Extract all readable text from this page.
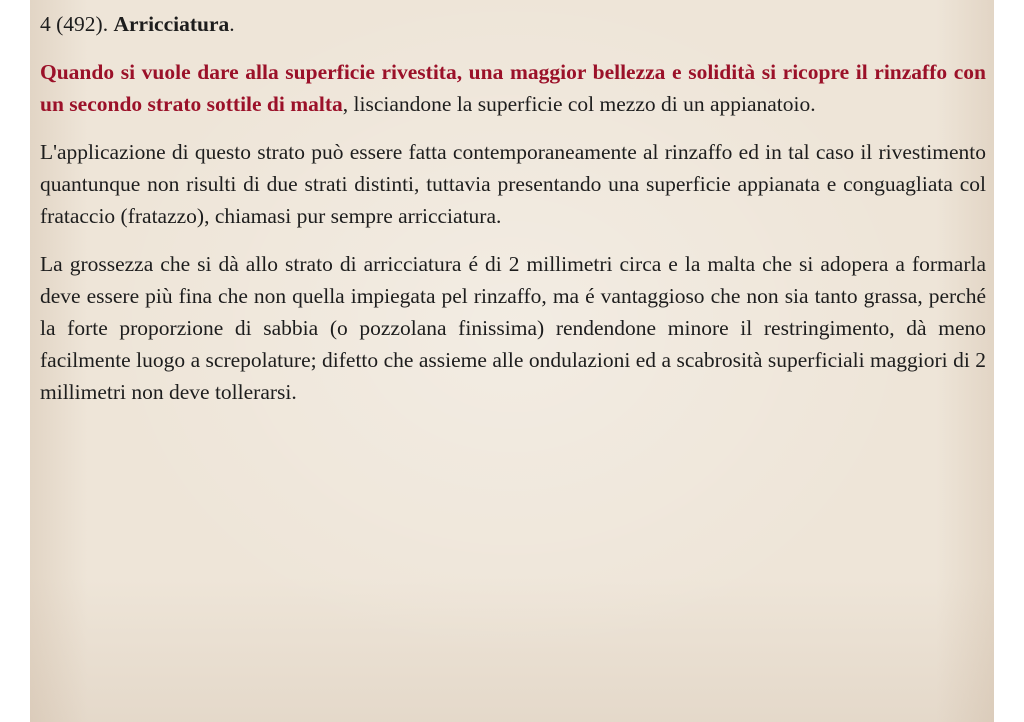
4 (492). Arricciatura.

Quando si vuole dare alla superficie rivestita, una maggior bellezza e solidità si ricopre il rinzaffo con un secondo strato sottile di malta, lisciandone la superficie col mezzo di un appianatoio.

L'applicazione di questo strato può essere fatta contemporaneamente al rinzaffo ed in tal caso il rivestimento quantunque non risulti di due strati distinti, tuttavia presentando una superficie appianata e conguagliata col frataccio (fratazzo), chiamasi pur sempre arricciatura.

La grossezza che si dà allo strato di arricciatura é di 2 millimetri circa e la malta che si adopera a formarla deve essere più fina che non quella impiegata pel rinzaffo, ma é vantaggioso che non sia tanto grassa, perché la forte proporzione di sabbia (o pozzolana finissima) rendendone minore il restringimento, dà meno facilmente luogo a screpolature; difetto che assieme alle ondulazioni ed a scabrosità superficiali maggiori di 2 millimetri non deve tollerarsi.
